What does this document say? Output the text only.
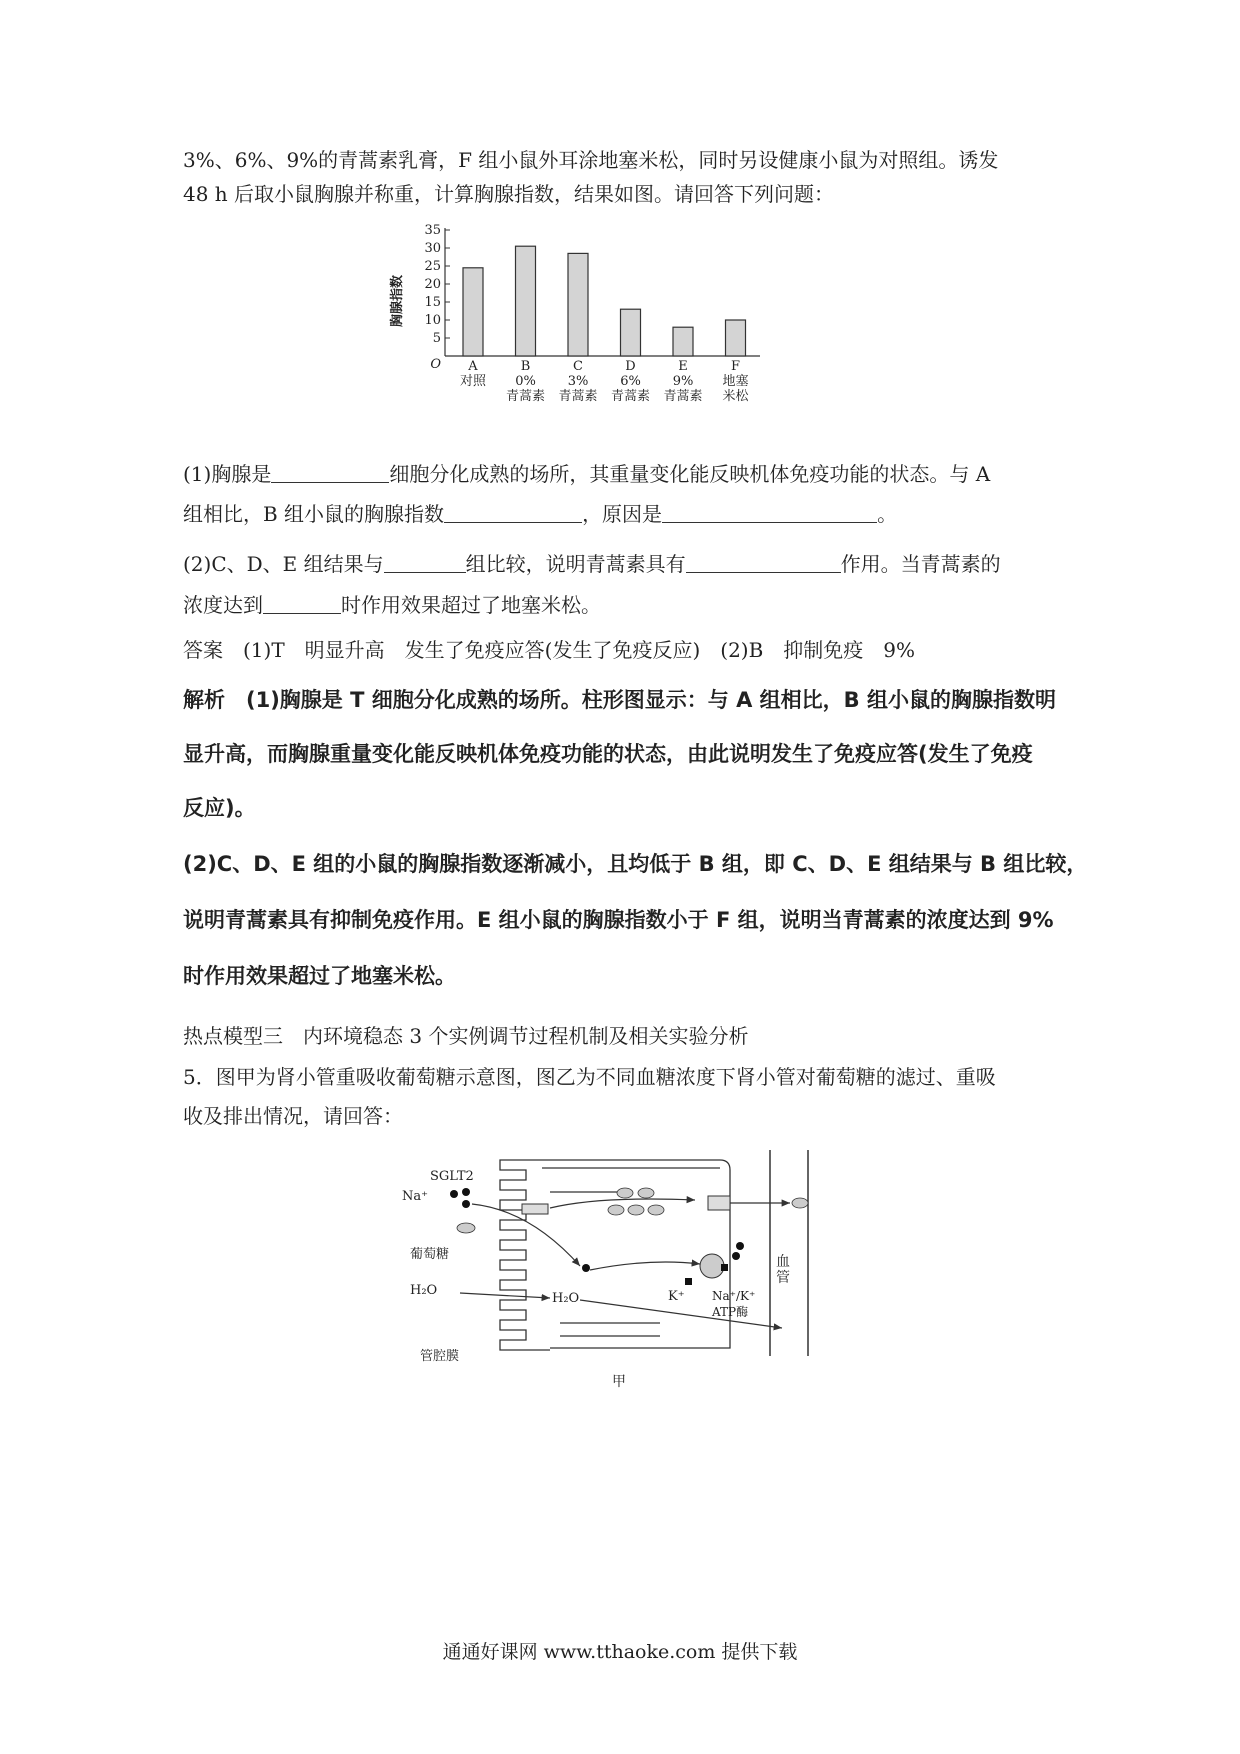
3%、6%、9%的青蒿素乳膏，F 组小鼠外耳涂地塞米松，同时另设健康小鼠为对照组。诱发
48 h 后取小鼠胸腺并称重，计算胸腺指数，结果如图。请回答下列问题：
35
30
25
20
15
10
5
O
胸腺指数
A
对照
B
0%
青蒿素
C
3%
青蒿素
D
6%
青蒿素
E
9%
青蒿素
F
地塞
米松
(1)胸腺是	细胞分化成熟的场所，其重量变化能反映机体免疫功能的状态。与 A
组相比，B 组小鼠的胸腺指数	，原因是	。
(2)C、D、E 组结果与	组比较，说明青蒿素具有	作用。当青蒿素的
浓度达到	时作用效果超过了地塞米松。
答案　(1)T　明显升高　发生了免疫应答(发生了免疫反应)　(2)B　抑制免疫　9%
解析　(1)胸腺是 T 细胞分化成熟的场所。柱形图显示：与 A 组相比，B 组小鼠的胸腺指数明
显升高，而胸腺重量变化能反映机体免疫功能的状态，由此说明发生了免疫应答(发生了免疫
反应)。
(2)C、D、E 组的小鼠的胸腺指数逐渐减小，且均低于 B 组，即 C、D、E 组结果与 B 组比较，
说明青蒿素具有抑制免疫作用。E 组小鼠的胸腺指数小于 F 组，说明当青蒿素的浓度达到 9%
时作用效果超过了地塞米松。
热点模型三　内环境稳态 3 个实例调节过程机制及相关实验分析
5．图甲为肾小管重吸收葡萄糖示意图，图乙为不同血糖浓度下肾小管对葡萄糖的滤过、重吸
收及排出情况，请回答：
SGLT2
Na⁺
葡萄糖
H₂O
H₂O
管腔膜
K⁺ Na⁺/K⁺
ATP酶
血
管
甲
通通好课网 www.tthaoke.com 提供下载
